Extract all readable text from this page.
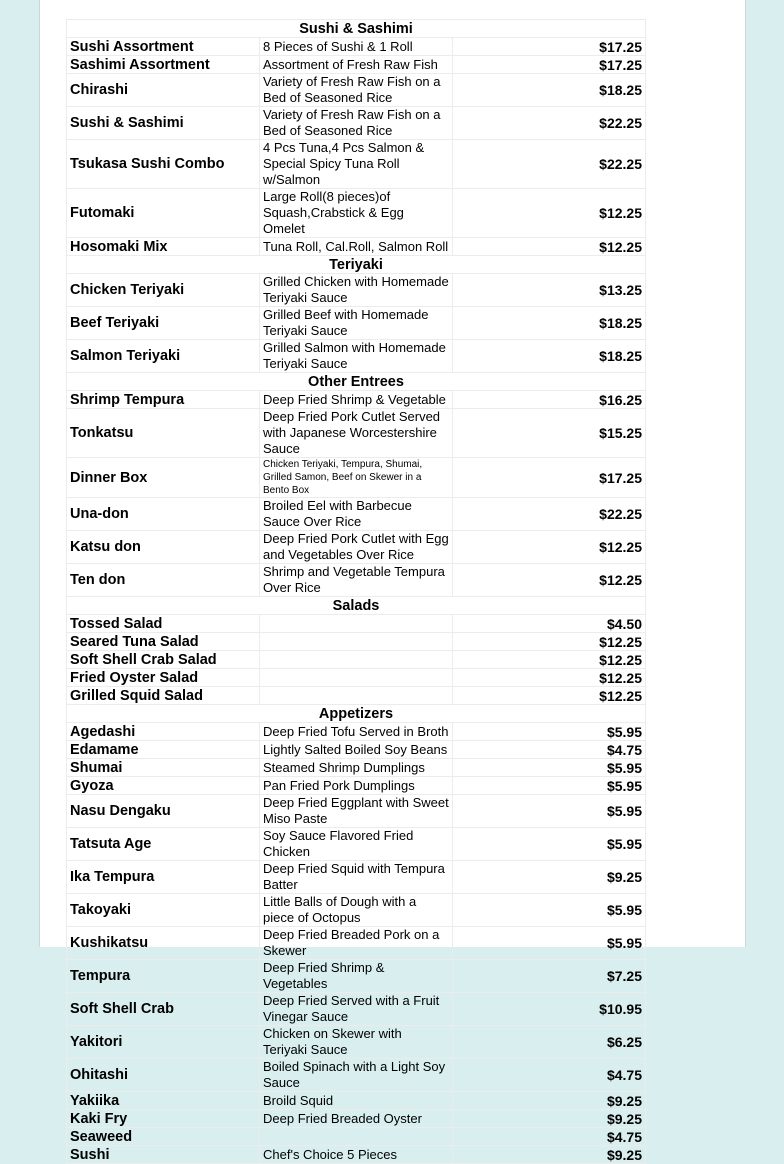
Sushi & Sashimi		
Sushi Assortment	8 Pieces of Sushi & 1 Roll	$17.25
Sashimi Assortment	Assortment of Fresh Raw Fish	$17.25
Chirashi	Variety of Fresh Raw Fish on a Bed of Seasoned Rice	$18.25
Sushi & Sashimi	Variety of Fresh Raw Fish on a Bed of Seasoned Rice	$22.25
Tsukasa Sushi Combo	4 Pcs Tuna,4 Pcs Salmon & Special Spicy Tuna Roll w/Salmon	$22.25
Futomaki	Large Roll(8 pieces)of Squash,Crabstick & Egg Omelet	$12.25
Hosomaki Mix	Tuna Roll, Cal.Roll, Salmon Roll	$12.25
Teriyaki		
Chicken Teriyaki	Grilled Chicken with Homemade Teriyaki Sauce	$13.25
Beef Teriyaki	Grilled Beef with Homemade Teriyaki Sauce	$18.25
Salmon Teriyaki	Grilled Salmon with Homemade Teriyaki Sauce	$18.25
Other Entrees		
Shrimp Tempura	Deep Fried Shrimp & Vegetable	$16.25
Tonkatsu	Deep Fried Pork Cutlet Served with Japanese Worcestershire Sauce	$15.25
Dinner Box	Chicken Teriyaki, Tempura, Shumai, Grilled Samon, Beef on Skewer in a Bento Box	$17.25
Una-don	Broiled Eel with Barbecue Sauce Over Rice	$22.25
Katsu don	Deep Fried Pork Cutlet with Egg and Vegetables Over Rice	$12.25
Ten don	Shrimp and Vegetable Tempura Over Rice	$12.25
Salads		
Tossed Salad		$4.50
Seared Tuna Salad		$12.25
Soft Shell Crab Salad		$12.25
Fried Oyster Salad		$12.25
Grilled Squid Salad		$12.25
Appetizers		
Agedashi	Deep Fried Tofu Served in Broth	$5.95
Edamame	Lightly Salted Boiled Soy Beans	$4.75
Shumai	Steamed Shrimp Dumplings	$5.95
Gyoza	Pan Fried Pork Dumplings	$5.95
Nasu Dengaku	Deep Fried Eggplant with Sweet Miso Paste	$5.95
Tatsuta Age	Soy Sauce Flavored Fried Chicken	$5.95
Ika Tempura	Deep Fried Squid with Tempura Batter	$9.25
Takoyaki	Little Balls of Dough with a piece of Octopus	$5.95
Kushikatsu	Deep Fried Breaded Pork on a Skewer	$5.95
Tempura	Deep Fried Shrimp & Vegetables	$7.25
Soft Shell Crab	Deep Fried Served with a Fruit Vinegar Sauce	$10.95
Yakitori	Chicken on Skewer with Teriyaki Sauce	$6.25
Ohitashi	Boiled Spinach with a Light Soy Sauce	$4.75
Yakiika	Broild Squid	$9.25
Kaki Fry	Deep Fried Breaded Oyster	$9.25
Seaweed		$4.75
Sushi	Chef's Choice 5 Pieces	$9.25
